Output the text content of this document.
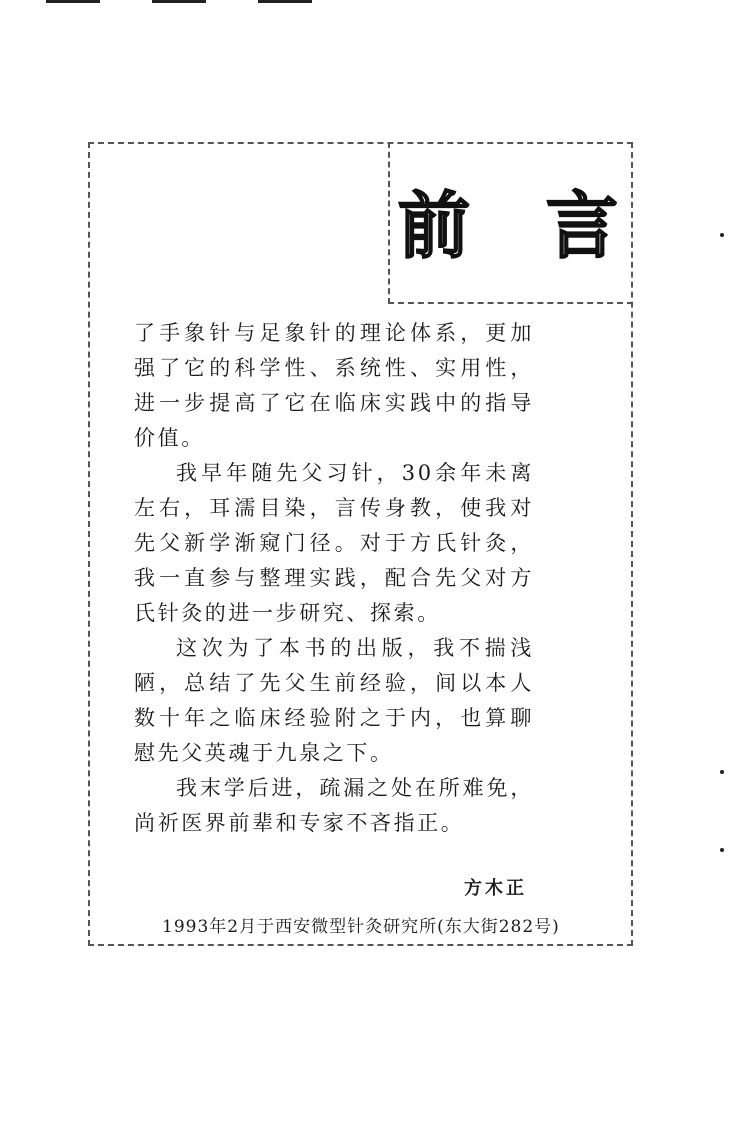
前 言

了手象针与足象针的理论体系，更加强了它的科学性、系统性、实用性，进一步提高了它在临床实践中的指导价值。

我早年随先父习针，30余年未离左右，耳濡目染，言传身教，使我对先父新学渐窥门径。对于方氏针灸，我一直参与整理实践，配合先父对方氏针灸的进一步研究、探索。

这次为了本书的出版，我不揣浅陋，总结了先父生前经验，间以本人数十年之临床经验附之于内，也算聊慰先父英魂于九泉之下。

我末学后进，疏漏之处在所难免，尚祈医界前辈和专家不吝指正。

方木正
1993年2月于西安微型针灸研究所(东大街282号)
